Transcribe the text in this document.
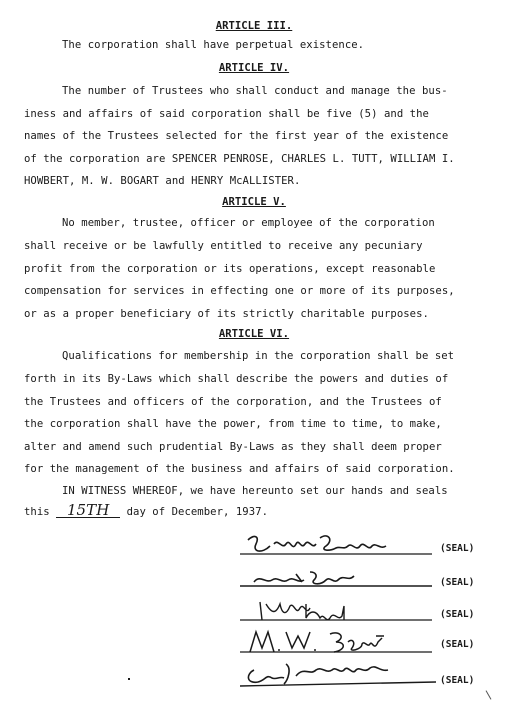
ARTICLE III.
The corporation shall have perpetual existence.
ARTICLE IV.
The number of Trustees who shall conduct and manage the bus-
iness and affairs of said corporation shall be five (5) and the
names of the Trustees selected for the first year of the existence
of the corporation are SPENCER PENROSE, CHARLES L. TUTT, WILLIAM I.
HOWBERT, M. W. BOGART and HENRY McALLISTER.
ARTICLE V.
No member, trustee, officer or employee of the corporation
shall receive or be lawfully entitled to receive any pecuniary
profit from the corporation or its operations, except reasonable
compensation for services in effecting one or more of its purposes,
or as a proper beneficiary of its strictly charitable purposes.
ARTICLE VI.
Qualifications for membership in the corporation shall be set
forth in its By-Laws which shall describe the powers and duties of
the Trustees and officers of the corporation, and the Trustees of
the corporation shall have the power, from time to time, to make,
alter and amend such prudential By-Laws as they shall deem proper
for the management of the business and affairs of said corporation.
IN WITNESS WHEREOF, we have hereunto set our hands and seals
this 15TH day of December, 1937.
(SEAL)
(SEAL)
(SEAL)
(SEAL)
(SEAL)
